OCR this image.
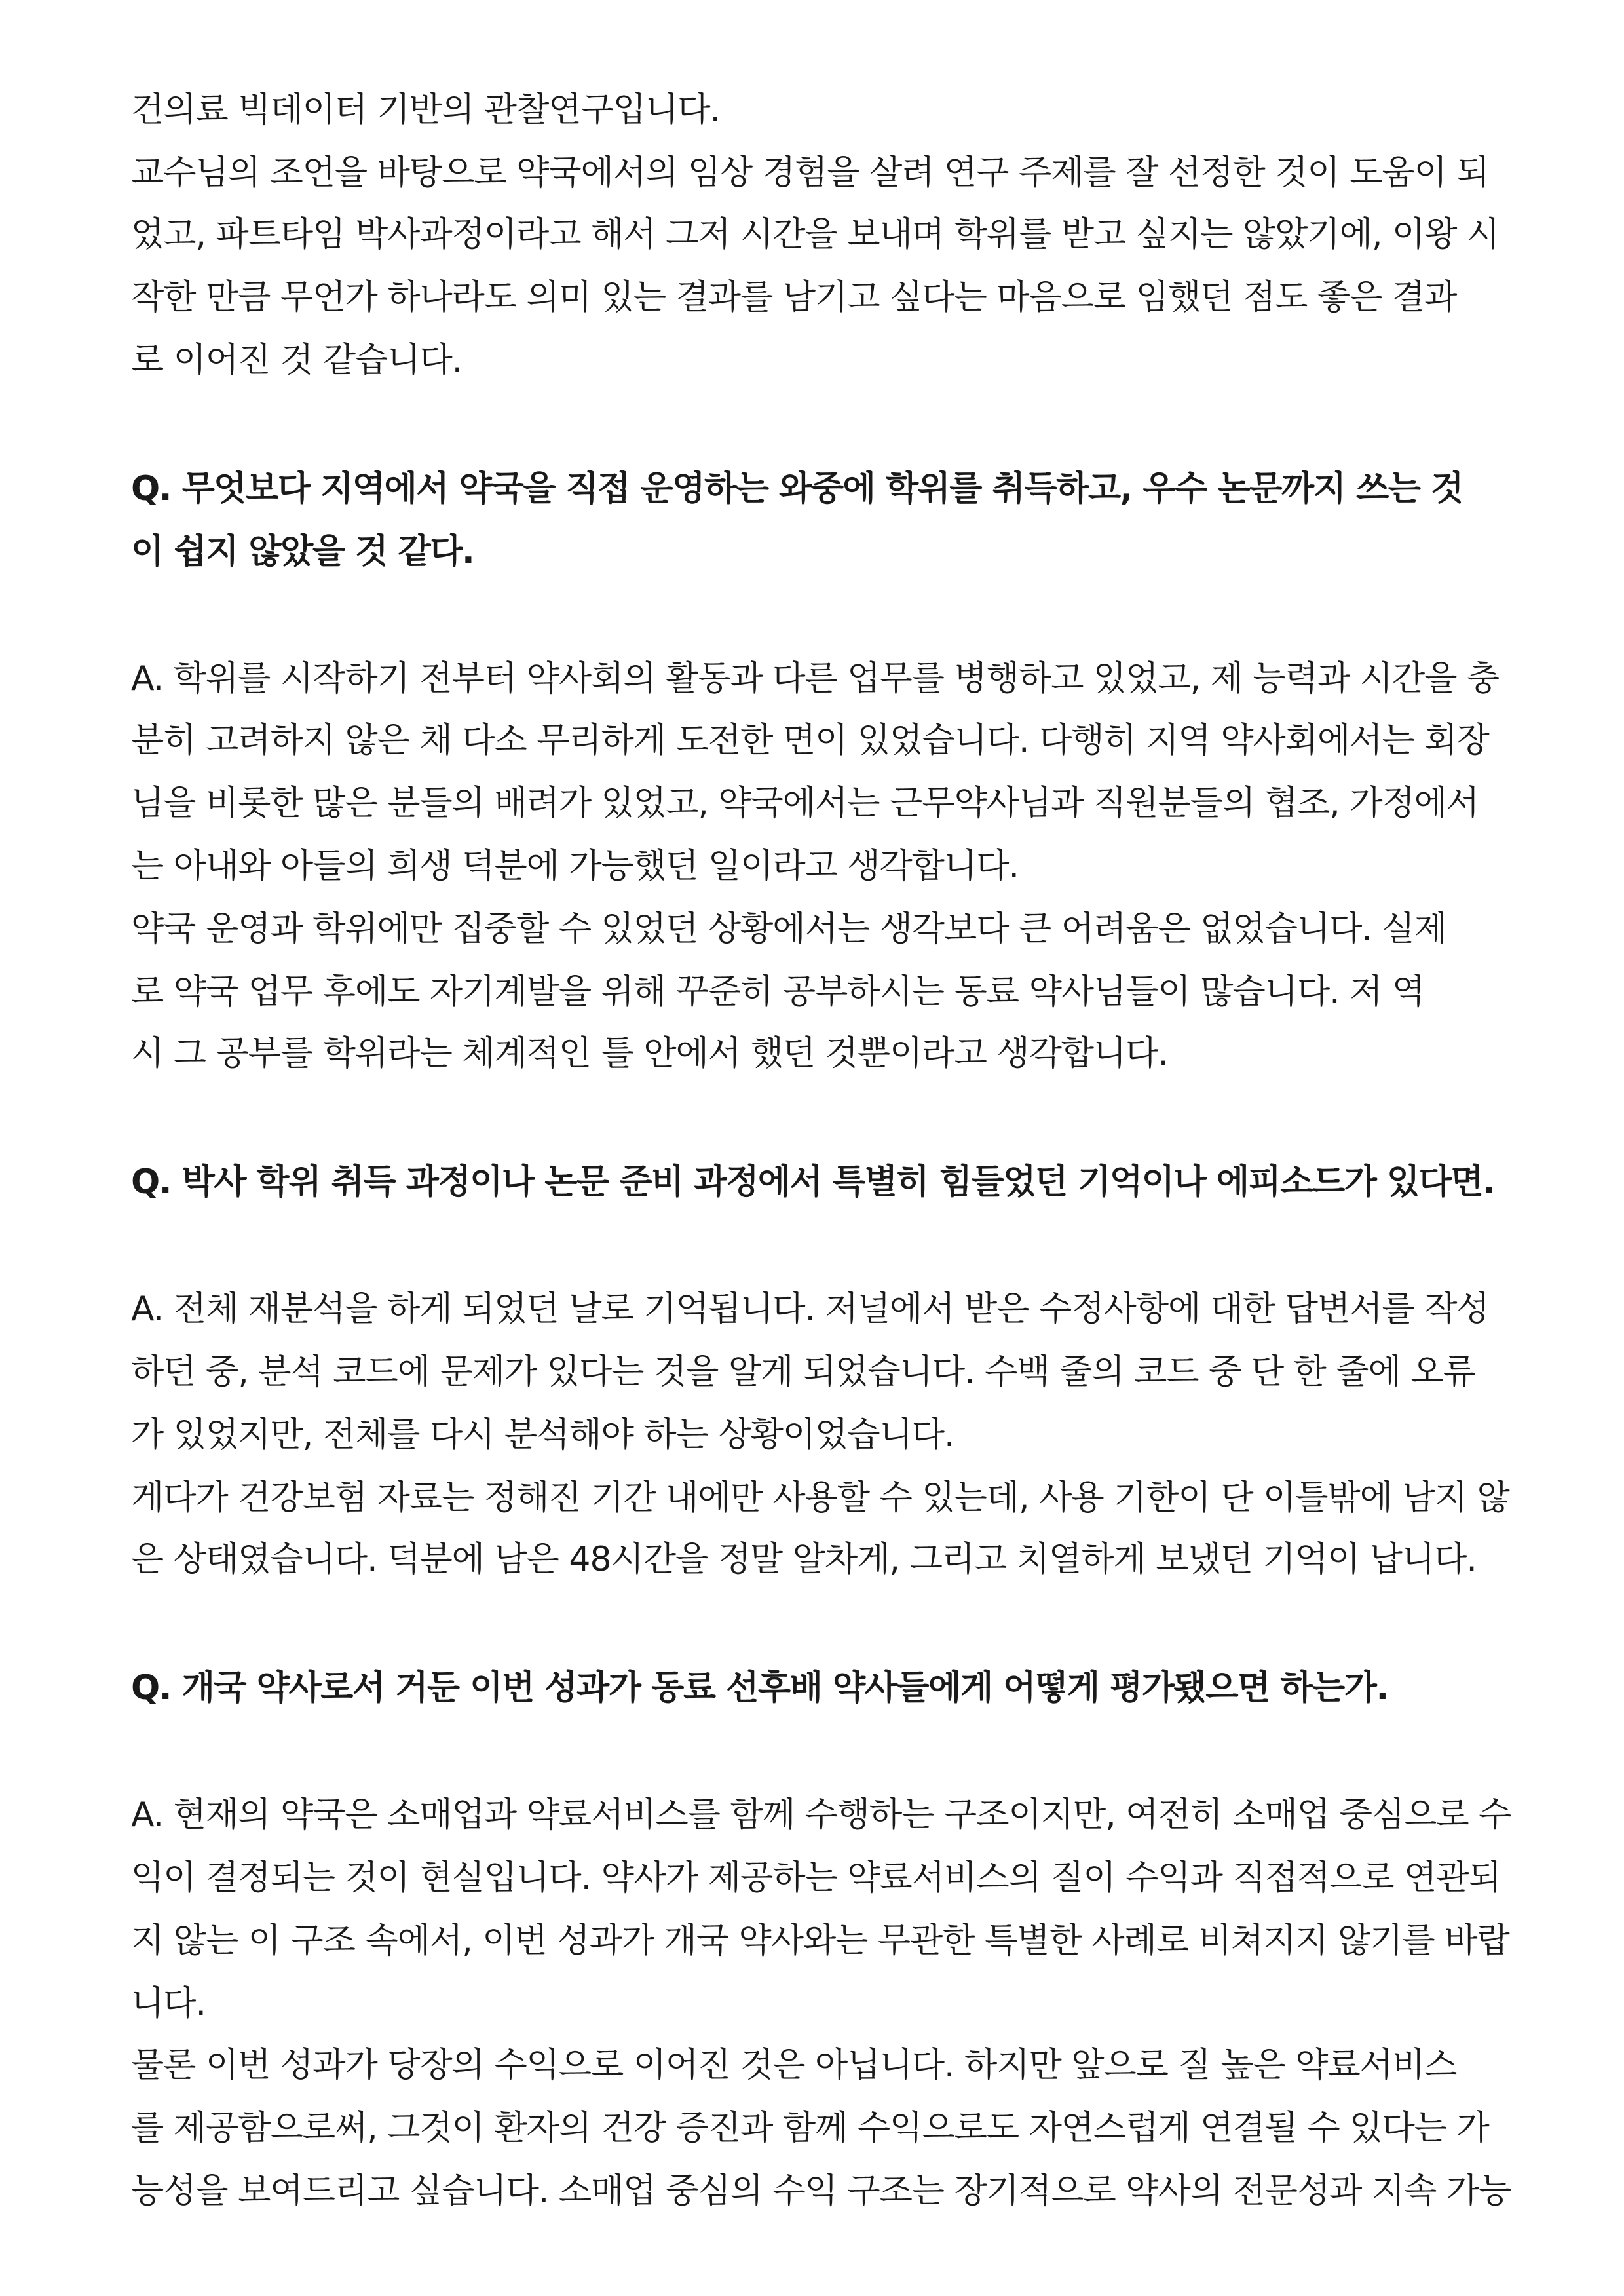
건의료 빅데이터 기반의 관찰연구입니다.
교수님의 조언을 바탕으로 약국에서의 임상 경험을 살려 연구 주제를 잘 선정한 것이 도움이 되
었고, 파트타임 박사과정이라고 해서 그저 시간을 보내며 학위를 받고 싶지는 않았기에, 이왕 시
작한 만큼 무언가 하나라도 의미 있는 결과를 남기고 싶다는 마음으로 임했던 점도 좋은 결과
로 이어진 것 같습니다.
Q. 무엇보다 지역에서 약국을 직접 운영하는 와중에 학위를 취득하고, 우수 논문까지 쓰는 것
이 쉽지 않았을 것 같다.
A. 학위를 시작하기 전부터 약사회의 활동과 다른 업무를 병행하고 있었고, 제 능력과 시간을 충
분히 고려하지 않은 채 다소 무리하게 도전한 면이 있었습니다. 다행히 지역 약사회에서는 회장
님을 비롯한 많은 분들의 배려가 있었고, 약국에서는 근무약사님과 직원분들의 협조, 가정에서
는 아내와 아들의 희생 덕분에 가능했던 일이라고 생각합니다.
약국 운영과 학위에만 집중할 수 있었던 상황에서는 생각보다 큰 어려움은 없었습니다. 실제
로 약국 업무 후에도 자기계발을 위해 꾸준히 공부하시는 동료 약사님들이 많습니다. 저 역
시 그 공부를 학위라는 체계적인 틀 안에서 했던 것뿐이라고 생각합니다.
Q. 박사 학위 취득 과정이나 논문 준비 과정에서 특별히 힘들었던 기억이나 에피소드가 있다면.
A. 전체 재분석을 하게 되었던 날로 기억됩니다. 저널에서 받은 수정사항에 대한 답변서를 작성
하던 중, 분석 코드에 문제가 있다는 것을 알게 되었습니다. 수백 줄의 코드 중 단 한 줄에 오류
가 있었지만, 전체를 다시 분석해야 하는 상황이었습니다.
게다가 건강보험 자료는 정해진 기간 내에만 사용할 수 있는데, 사용 기한이 단 이틀밖에 남지 않
은 상태였습니다. 덕분에 남은 48시간을 정말 알차게, 그리고 치열하게 보냈던 기억이 납니다.
Q. 개국 약사로서 거둔 이번 성과가 동료 선후배 약사들에게 어떻게 평가됐으면 하는가.
A. 현재의 약국은 소매업과 약료서비스를 함께 수행하는 구조이지만, 여전히 소매업 중심으로 수
익이 결정되는 것이 현실입니다. 약사가 제공하는 약료서비스의 질이 수익과 직접적으로 연관되
지 않는 이 구조 속에서, 이번 성과가 개국 약사와는 무관한 특별한 사례로 비쳐지지 않기를 바랍
니다.
물론 이번 성과가 당장의 수익으로 이어진 것은 아닙니다. 하지만 앞으로 질 높은 약료서비스
를 제공함으로써, 그것이 환자의 건강 증진과 함께 수익으로도 자연스럽게 연결될 수 있다는 가
능성을 보여드리고 싶습니다. 소매업 중심의 수익 구조는 장기적으로 약사의 전문성과 지속 가능
